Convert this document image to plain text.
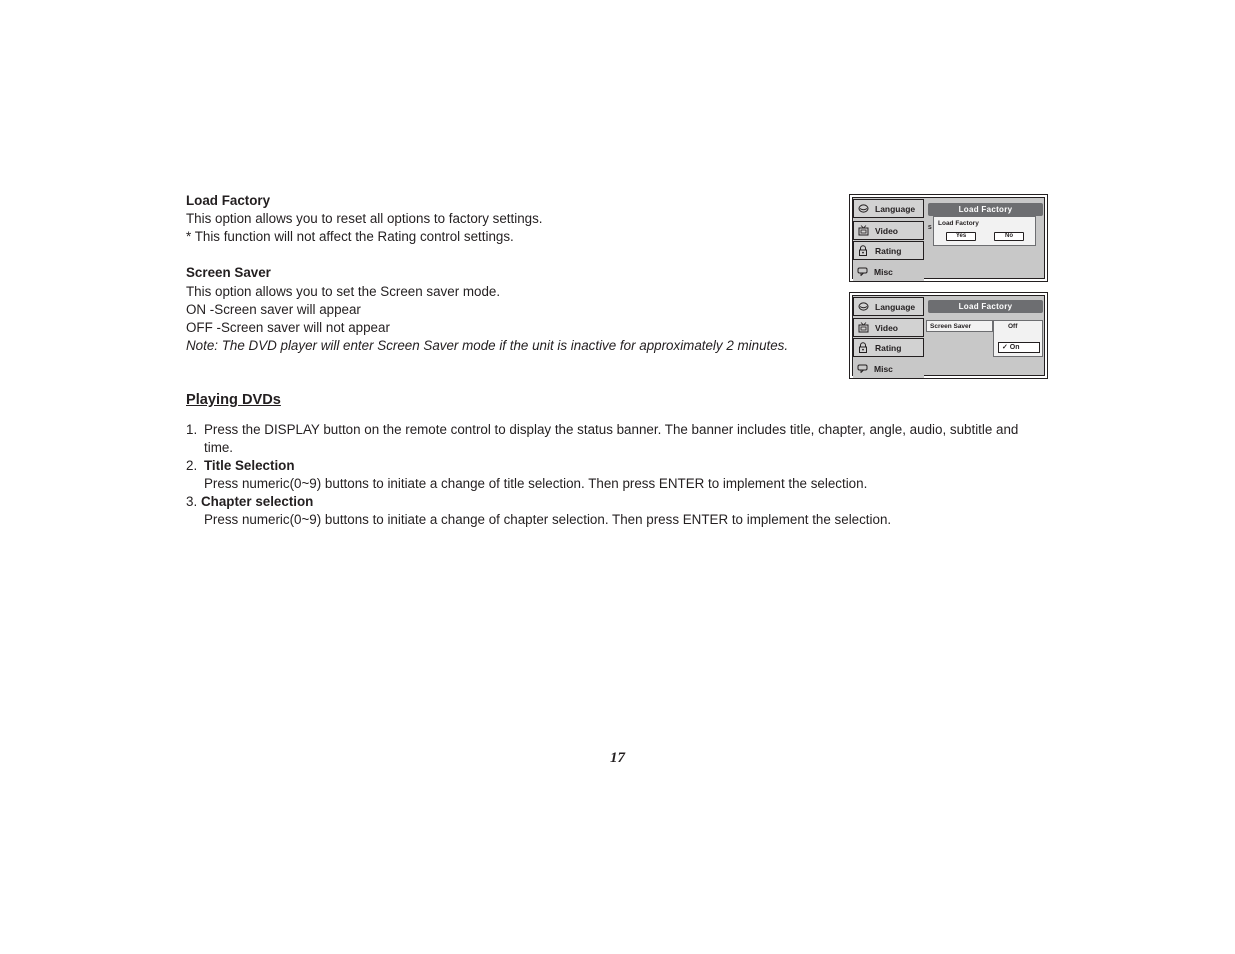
Load Factory
This option allows you to reset all options to factory settings.
* This function will not affect the Rating control settings.
Screen Saver
This option allows you to set the Screen saver mode.
ON -Screen saver will appear
OFF -Screen saver will not appear
Note: The DVD player will enter Screen Saver mode if the unit is inactive for approximately 2 minutes.
Playing DVDs
1. Press the DISPLAY button on the remote control to display the status banner. The banner includes title, chapter, angle, audio, subtitle and
time.
2. Title Selection
Press numeric(0~9) buttons to initiate a change of title selection. Then press ENTER to implement the selection.
3. Chapter selection
Press numeric(0~9) buttons to initiate a change of chapter selection. Then press ENTER to implement the selection.
Language
Video
Rating
Misc
Load Factory
S
Load Factory
Yes	No
Language
Video
Rating
Misc
Load Factory
Screen Saver	Off
✓ On
17
